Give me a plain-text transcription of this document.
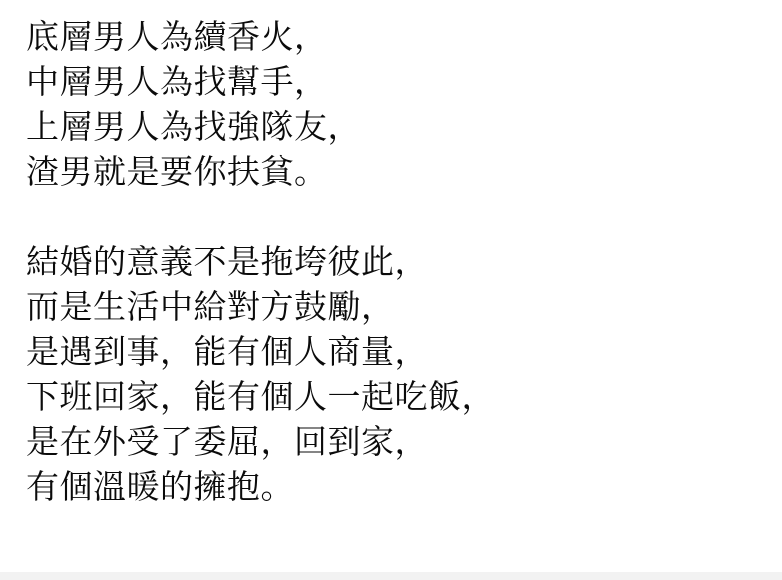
底層男人為續香火，
中層男人為找幫手，
上層男人為找強隊友，
渣男就是要你扶貧。
結婚的意義不是拖垮彼此，
而是生活中給對方鼓勵，
是遇到事，能有個人商量，
下班回家，能有個人一起吃飯，
是在外受了委屈，回到家，
有個溫暖的擁抱。
